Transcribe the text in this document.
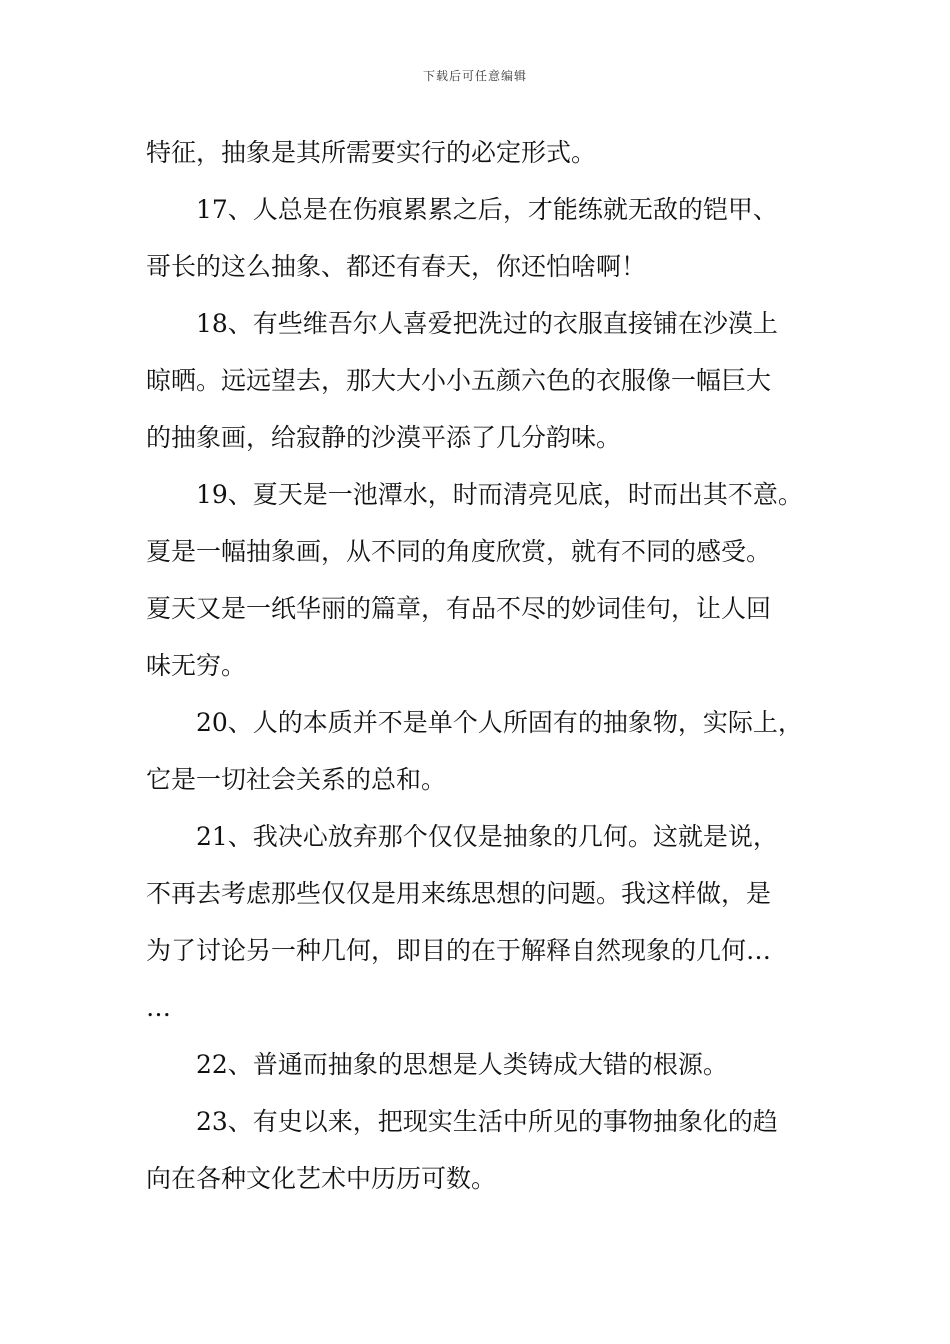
下载后可任意编辑
特征，抽象是其所需要实行的必定形式。
17、人总是在伤痕累累之后，才能练就无敌的铠甲、
哥长的这么抽象、都还有春天，你还怕啥啊！
18、有些维吾尔人喜爱把洗过的衣服直接铺在沙漠上
晾晒。远远望去，那大大小小五颜六色的衣服像一幅巨大
的抽象画，给寂静的沙漠平添了几分韵味。
19、夏天是一池潭水，时而清亮见底，时而出其不意。
夏是一幅抽象画，从不同的角度欣赏，就有不同的感受。
夏天又是一纸华丽的篇章，有品不尽的妙词佳句，让人回
味无穷。
20、人的本质并不是单个人所固有的抽象物，实际上，
它是一切社会关系的总和。
21、我决心放弃那个仅仅是抽象的几何。这就是说，
不再去考虑那些仅仅是用来练思想的问题。我这样做，是
为了讨论另一种几何，即目的在于解释自然现象的几何…
…
22、普通而抽象的思想是人类铸成大错的根源。
23、有史以来，把现实生活中所见的事物抽象化的趋
向在各种文化艺术中历历可数。
